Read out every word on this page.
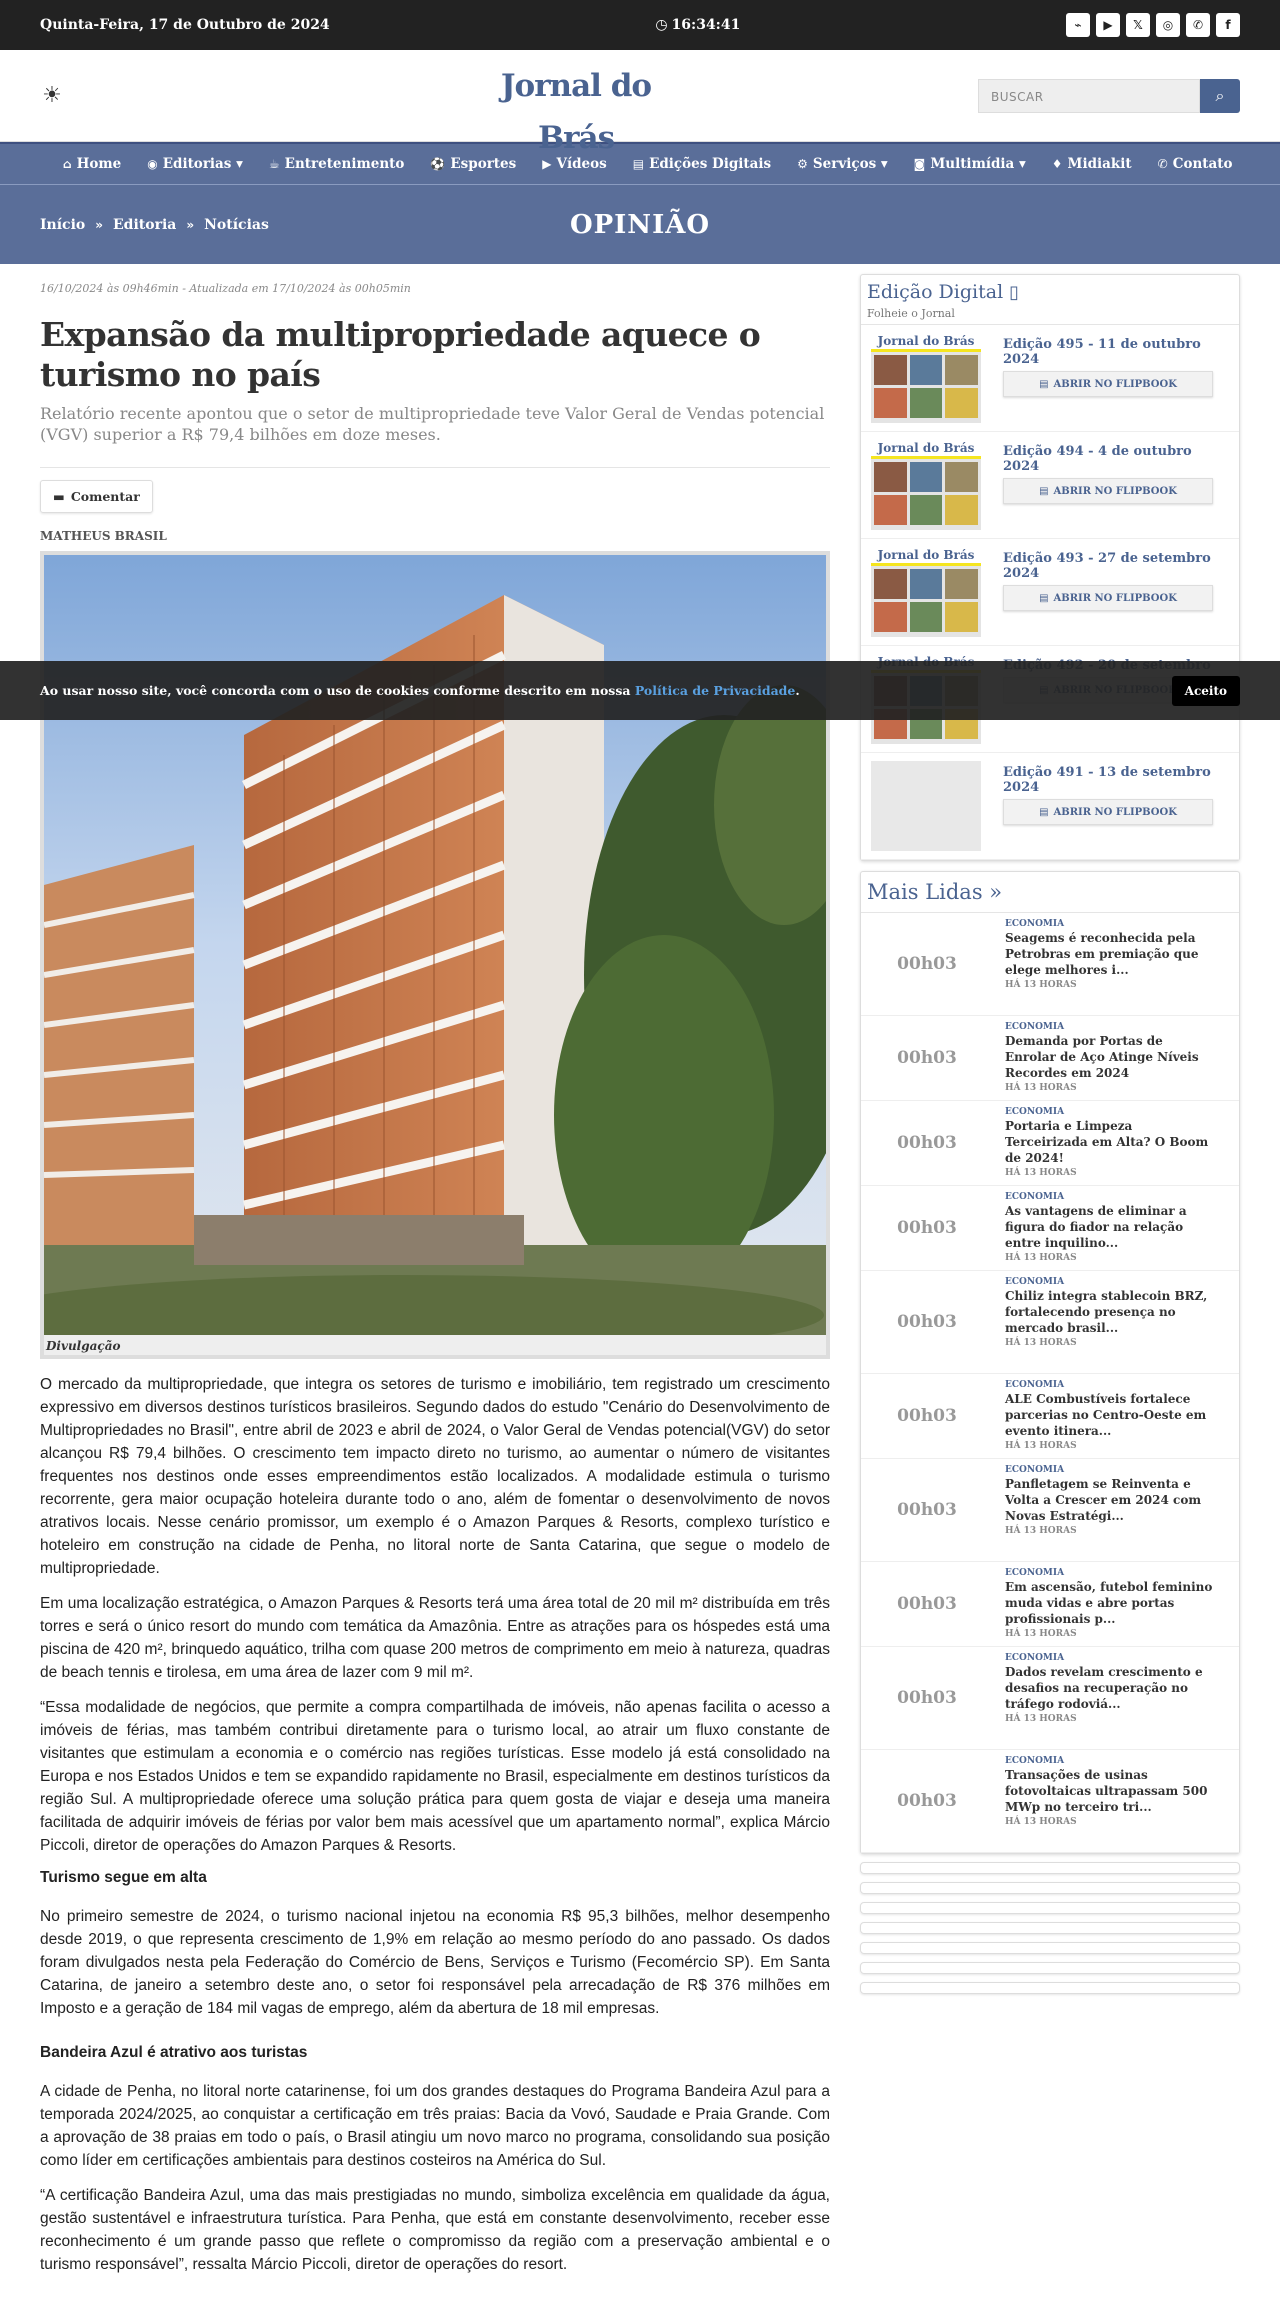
Quinta-Feira, 17 de Outubro de 2024	◷ 16:34:41	⌁	▶	𝕏	◎	✆	f
☀	Jornal do Brás
BUSCAR	⌕
⌂ Home ◉ Editorias ▾ ☕ Entretenimento ⚽ Esportes ▶ Vídeos ▤ Edições Digitais ⚙ Serviços ▾ ◙ Multimídia ▾ ♦ Midiakit ✆ Contato
Início » Editoria » Notícias	OPINIÃO
16/10/2024 às 09h46min - Atualizada em 17/10/2024 às 00h05min
Expansão da multipropriedade aquece o turismo no país
Relatório recente apontou que o setor de multipropriedade teve Valor Geral de Vendas potencial (VGV) superior a R$ 79,4 bilhões em doze meses.
▬ Comentar
MATHEUS BRASIL
Divulgação

O mercado da multipropriedade, que integra os setores de turismo e imobiliário, tem registrado um crescimento expressivo em diversos destinos turísticos brasileiros. Segundo dados do estudo "Cenário do Desenvolvimento de Multipropriedades no Brasil", entre abril de 2023 e abril de 2024, o Valor Geral de Vendas potencial(VGV) do setor alcançou R$ 79,4 bilhões. O crescimento tem impacto direto no turismo, ao aumentar o número de visitantes frequentes nos destinos onde esses empreendimentos estão localizados. A modalidade estimula o turismo recorrente, gera maior ocupação hoteleira durante todo o ano, além de fomentar o desenvolvimento de novos atrativos locais. Nesse cenário promissor, um exemplo é o Amazon Parques & Resorts, complexo turístico e hoteleiro em construção na cidade de Penha, no litoral norte de Santa Catarina, que segue o modelo de multipropriedade.

Em uma localização estratégica, o Amazon Parques & Resorts terá uma área total de 20 mil m² distribuída em três torres e será o único resort do mundo com temática da Amazônia. Entre as atrações para os hóspedes está uma piscina de 420 m², brinquedo aquático, trilha com quase 200 metros de comprimento em meio à natureza, quadras de beach tennis e tirolesa, em uma área de lazer com 9 mil m².

“Essa modalidade de negócios, que permite a compra compartilhada de imóveis, não apenas facilita o acesso a imóveis de férias, mas também contribui diretamente para o turismo local, ao atrair um fluxo constante de visitantes que estimulam a economia e o comércio nas regiões turísticas. Esse modelo já está consolidado na Europa e nos Estados Unidos e tem se expandido rapidamente no Brasil, especialmente em destinos turísticos da região Sul. A multipropriedade oferece uma solução prática para quem gosta de viajar e deseja uma maneira facilitada de adquirir imóveis de férias por valor bem mais acessível que um apartamento normal”, explica Márcio Piccoli, diretor de operações do Amazon Parques & Resorts.

Turismo segue em alta

No primeiro semestre de 2024, o turismo nacional injetou na economia R$ 95,3 bilhões, melhor desempenho desde 2019, o que representa crescimento de 1,9% em relação ao mesmo período do ano passado. Os dados foram divulgados nesta pela Federação do Comércio de Bens, Serviços e Turismo (Fecomércio SP). Em Santa Catarina, de janeiro a setembro deste ano, o setor foi responsável pela arrecadação de R$ 376 milhões em Imposto e a geração de 184 mil vagas de emprego, além da abertura de 18 mil empresas.

Bandeira Azul é atrativo aos turistas

A cidade de Penha, no litoral norte catarinense, foi um dos grandes destaques do Programa Bandeira Azul para a temporada 2024/2025, ao conquistar a certificação em três praias: Bacia da Vovó, Saudade e Praia Grande. Com a aprovação de 38 praias em todo o país, o Brasil atingiu um novo marco no programa, consolidando sua posição como líder em certificações ambientais para destinos costeiros na América do Sul.

“A certificação Bandeira Azul, uma das mais prestigiadas no mundo, simboliza excelência em qualidade da água, gestão sustentável e infraestrutura turística. Para Penha, que está em constante desenvolvimento, receber esse reconhecimento é um grande passo que reflete o compromisso da região com a preservação ambiental e o turismo responsável”, ressalta Márcio Piccoli, diretor de operações do resort.

Edição Digital ▯
Folheie o Jornal
Jornal do Brás	Edição 495 - 11 de outubro 2024
▤ ABRIR NO FLIPBOOK
Jornal do Brás	Edição 494 - 4 de outubro 2024
▤ ABRIR NO FLIPBOOK
Jornal do Brás	Edição 493 - 27 de setembro 2024
▤ ABRIR NO FLIPBOOK
Edição 491 - 13 de setembro 2024
▤ ABRIR NO FLIPBOOK
Mais Lidas »
00h03
ECONOMIA
Seagems é reconhecida pela Petrobras em premiação que elege melhores i...
HÁ 13 HORAS
00h03
ECONOMIA
Demanda por Portas de Enrolar de Aço Atinge Níveis Recordes em 2024
HÁ 13 HORAS
00h03
ECONOMIA
Portaria e Limpeza Terceirizada em Alta? O Boom de 2024!
HÁ 13 HORAS
00h03
ECONOMIA
As vantagens de eliminar a figura do fiador na relação entre inquilino...
HÁ 13 HORAS
00h03
ECONOMIA
Chiliz integra stablecoin BRZ, fortalecendo presença no mercado brasil...
HÁ 13 HORAS
00h03
ECONOMIA
ALE Combustíveis fortalece parcerias no Centro-Oeste em evento itinera...
HÁ 13 HORAS
00h03
ECONOMIA
Panfletagem se Reinventa e Volta a Crescer em 2024 com Novas Estratégi...
HÁ 13 HORAS
00h03
ECONOMIA
Em ascensão, futebol feminino muda vidas e abre portas profissionais p...
HÁ 13 HORAS
00h03
ECONOMIA
Dados revelam crescimento e desafios na recuperação no tráfego rodoviá...
HÁ 13 HORAS
00h03
ECONOMIA
Transações de usinas fotovoltaicas ultrapassam 500 MWp no terceiro tri...
HÁ 13 HORAS
Ao usar nosso site, você concorda com o uso de cookies conforme descrito em nossa Política de Privacidade.	Aceito
